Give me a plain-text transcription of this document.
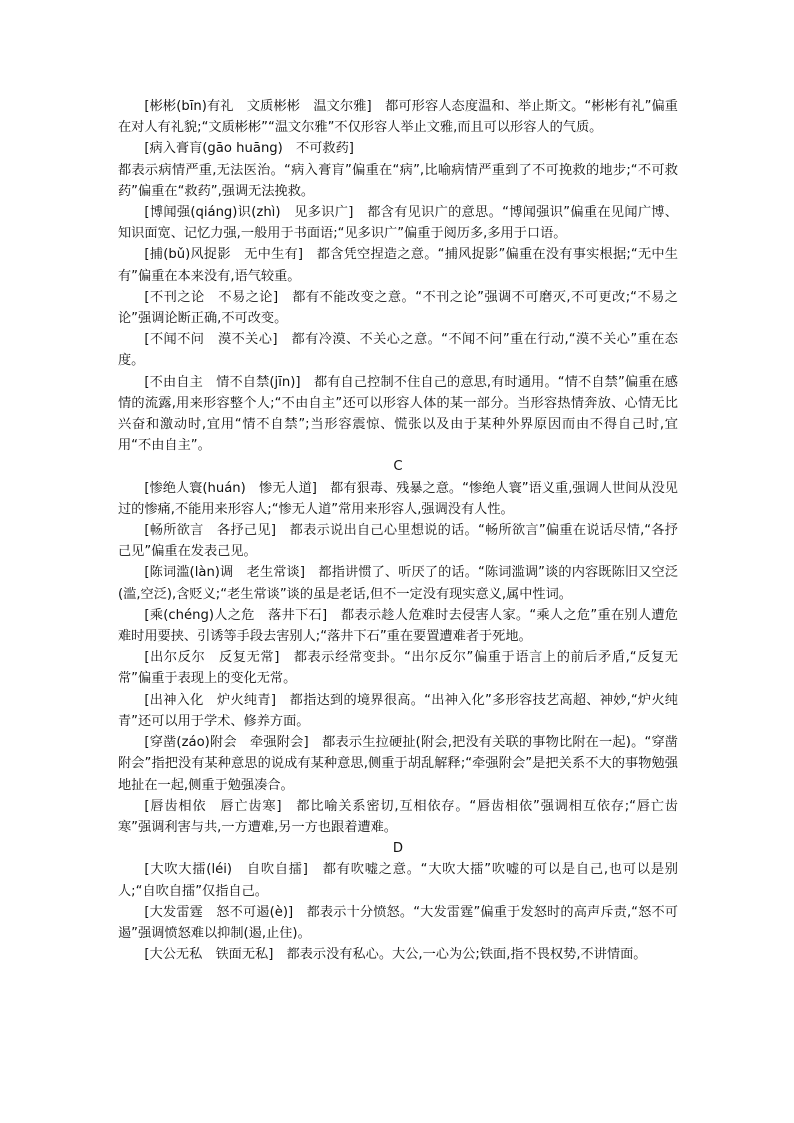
[彬彬(bīn)有礼　文质彬彬　温文尔雅]　都可形容人态度温和、举止斯文。“彬彬有礼”偏重在对人有礼貌;“文质彬彬”“温文尔雅”不仅形容人举止文雅,而且可以形容人的气质。

[病入膏肓(gāo huāng)　不可救药]

都表示病情严重,无法医治。“病入膏肓”偏重在“病”,比喻病情严重到了不可挽救的地步;“不可救药”偏重在“救药”,强调无法挽救。

[博闻强(qiáng)识(zhì)　见多识广]　都含有见识广的意思。“博闻强识”偏重在见闻广博、知识面宽、记忆力强,一般用于书面语;“见多识广”偏重于阅历多,多用于口语。

[捕(bǔ)风捉影　无中生有]　都含凭空捏造之意。“捕风捉影”偏重在没有事实根据;“无中生有”偏重在本来没有,语气较重。

[不刊之论　不易之论]　都有不能改变之意。“不刊之论”强调不可磨灭,不可更改;“不易之论”强调论断正确,不可改变。

[不闻不问　漠不关心]　都有冷漠、不关心之意。“不闻不问”重在行动,“漠不关心”重在态度。

[不由自主　情不自禁(jīn)]　都有自己控制不住自己的意思,有时通用。“情不自禁”偏重在感情的流露,用来形容整个人;“不由自主”还可以形容人体的某一部分。当形容热情奔放、心情无比兴奋和激动时,宜用“情不自禁”;当形容震惊、慌张以及由于某种外界原因而由不得自己时,宜用“不由自主”。

C

[惨绝人寰(huán)　惨无人道]　都有狠毒、残暴之意。“惨绝人寰”语义重,强调人世间从没见过的惨痛,不能用来形容人;“惨无人道”常用来形容人,强调没有人性。

[畅所欲言　各抒己见]　都表示说出自己心里想说的话。“畅所欲言”偏重在说话尽情,“各抒己见”偏重在发表己见。

[陈词滥(làn)调　老生常谈]　都指讲惯了、听厌了的话。“陈词滥调”谈的内容既陈旧又空泛(滥,空泛),含贬义;“老生常谈”谈的虽是老话,但不一定没有现实意义,属中性词。

[乘(chéng)人之危　落井下石]　都表示趁人危难时去侵害人家。“乘人之危”重在别人遭危难时用要挟、引诱等手段去害别人;“落井下石”重在要置遭难者于死地。

[出尔反尔　反复无常]　都表示经常变卦。“出尔反尔”偏重于语言上的前后矛盾,“反复无常”偏重于表现上的变化无常。

[出神入化　炉火纯青]　都指达到的境界很高。“出神入化”多形容技艺高超、神妙,“炉火纯青”还可以用于学术、修养方面。

[穿凿(záo)附会　牵强附会]　都表示生拉硬扯(附会,把没有关联的事物比附在一起)。“穿凿附会”指把没有某种意思的说成有某种意思,侧重于胡乱解释;“牵强附会”是把关系不大的事物勉强地扯在一起,侧重于勉强凑合。

[唇齿相依　唇亡齿寒]　都比喻关系密切,互相依存。“唇齿相依”强调相互依存;“唇亡齿寒”强调利害与共,一方遭难,另一方也跟着遭难。

D

[大吹大擂(léi)　自吹自擂]　都有吹嘘之意。“大吹大擂”吹嘘的可以是自己,也可以是别人;“自吹自擂”仅指自己。

[大发雷霆　怒不可遏(è)]　都表示十分愤怒。“大发雷霆”偏重于发怒时的高声斥责,“怒不可遏”强调愤怒难以抑制(遏,止住)。

[大公无私　铁面无私]　都表示没有私心。大公,一心为公;铁面,指不畏权势,不讲情面。
